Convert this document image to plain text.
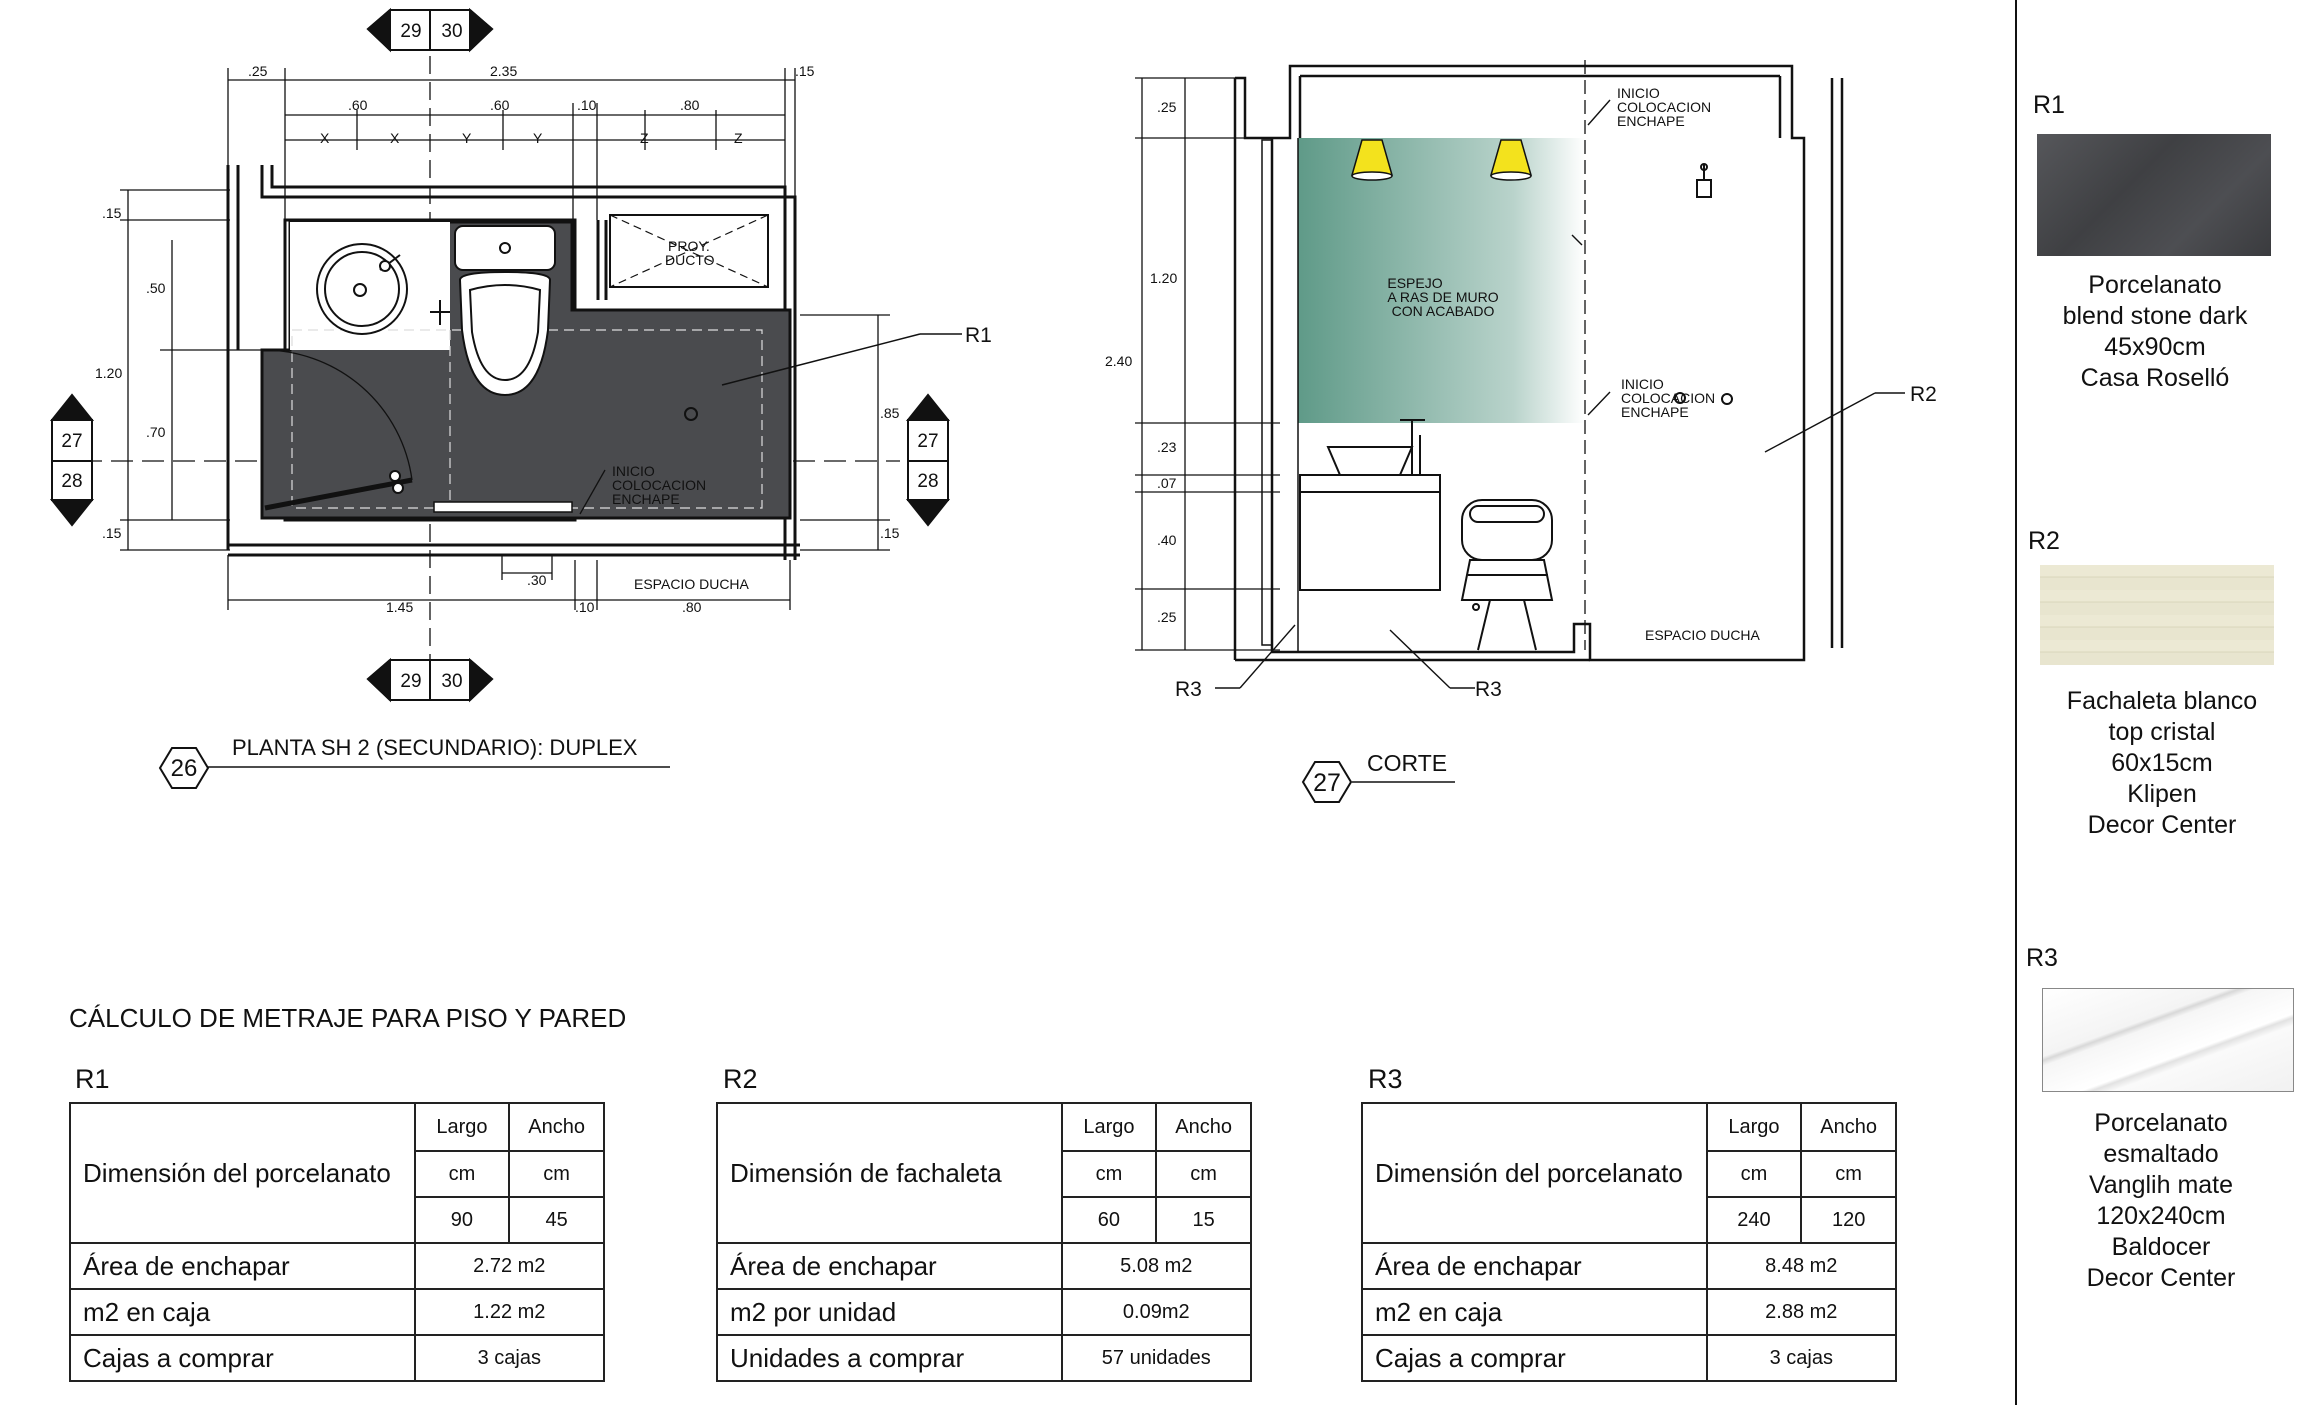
.25	2.35	.15
.60	.60	.10	.80
X	X	Y	Y	Z	Z
.15
.50
1.20
.70
.15
.85
.15
.30
1.45	.10	.80
ESPACIO DUCHA
PROY.
DUCTO
INICIO
COLOCACION
ENCHAPE
R1
PLANTA SH 2 (SECUNDARIO): DUPLEX
29 30
29 30
27
28
27
28
26
.25
1.20
2.40
.23
.07
.40
.25
ESPEJO
A RAS DE MURO
CON ACABADO
INICIO
COLOCACION
ENCHAPE
INICIO
COLOCACION
ENCHAPE
ESPACIO DUCHA
R2
R3	R3
CORTE
27
CÁLCULO DE METRAJE PARA PISO Y PARED
R1
Dimensión del porcelanato	Largo	Ancho
	cm	cm
	90	45
Área de enchapar	2.72 m2	
m2 en caja	1.22 m2	
Cajas a comprar	3 cajas	
R2
Dimensión de fachaleta	Largo	Ancho
	cm	cm
	60	15
Área de enchapar	5.08 m2	
m2 por unidad	0.09m2	
Unidades a comprar	57 unidades	
R3
Dimensión del porcelanato	Largo	Ancho
	cm	cm
	240	120
Área de enchapar	8.48 m2	
m2 en caja	2.88 m2	
Cajas a comprar	3 cajas	
R1
Porcelanato
blend stone dark
45x90cm
Casa Roselló
R2
Fachaleta blanco
top cristal
60x15cm
Klipen
Decor Center
R3
Porcelanato
esmaltado
Vanglih mate
120x240cm
Baldocer
Decor Center
